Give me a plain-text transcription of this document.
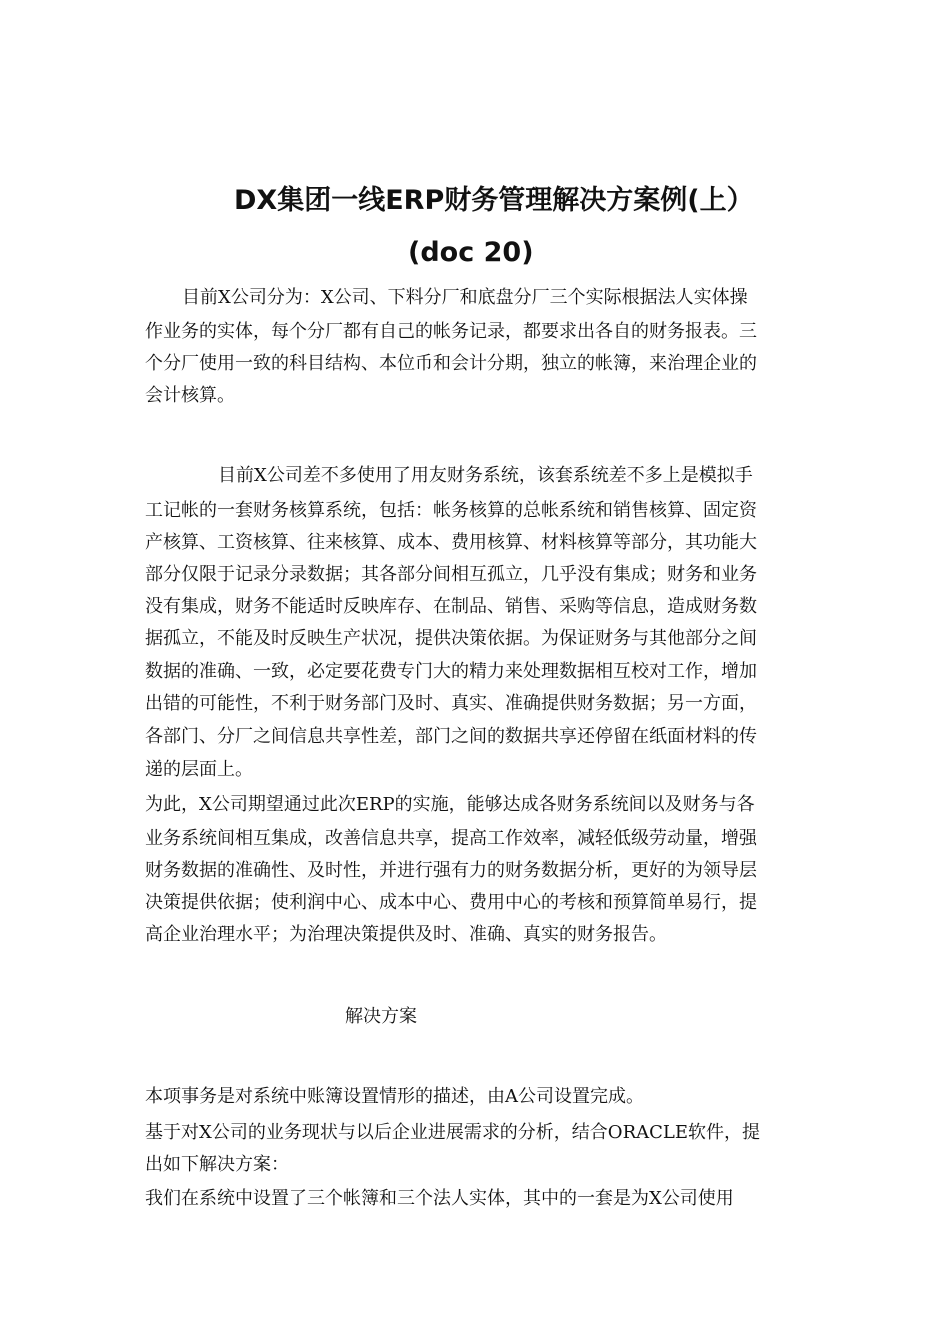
DX集团一线ERP财务管理解决方案例(上）
(doc 20)
目前X公司分为：X公司、下料分厂和底盘分厂三个实际根据法人实体操
作业务的实体，每个分厂都有自己的帐务记录，都要求出各自的财务报表。三
个分厂使用一致的科目结构、本位币和会计分期，独立的帐簿，来治理企业的
会计核算。
目前X公司差不多使用了用友财务系统，该套系统差不多上是模拟手
工记帐的一套财务核算系统，包括：帐务核算的总帐系统和销售核算、固定资
产核算、工资核算、往来核算、成本、费用核算、材料核算等部分，其功能大
部分仅限于记录分录数据；其各部分间相互孤立，几乎没有集成；财务和业务
没有集成，财务不能适时反映库存、在制品、销售、采购等信息，造成财务数
据孤立，不能及时反映生产状况，提供决策依据。为保证财务与其他部分之间
数据的准确、一致，必定要花费专门大的精力来处理数据相互校对工作，增加
出错的可能性，不利于财务部门及时、真实、准确提供财务数据；另一方面，
各部门、分厂之间信息共享性差，部门之间的数据共享还停留在纸面材料的传
递的层面上。
为此，X公司期望通过此次ERP的实施，能够达成各财务系统间以及财务与各
业务系统间相互集成，改善信息共享，提高工作效率，减轻低级劳动量，增强
财务数据的准确性、及时性，并进行强有力的财务数据分析，更好的为领导层
决策提供依据；使利润中心、成本中心、费用中心的考核和预算简单易行，提
高企业治理水平；为治理决策提供及时、准确、真实的财务报告。
解决方案
本项事务是对系统中账簿设置情形的描述，由A公司设置完成。
基于对X公司的业务现状与以后企业进展需求的分析，结合ORACLE软件，提
出如下解决方案：
我们在系统中设置了三个帐簿和三个法人实体，其中的一套是为X公司使用
